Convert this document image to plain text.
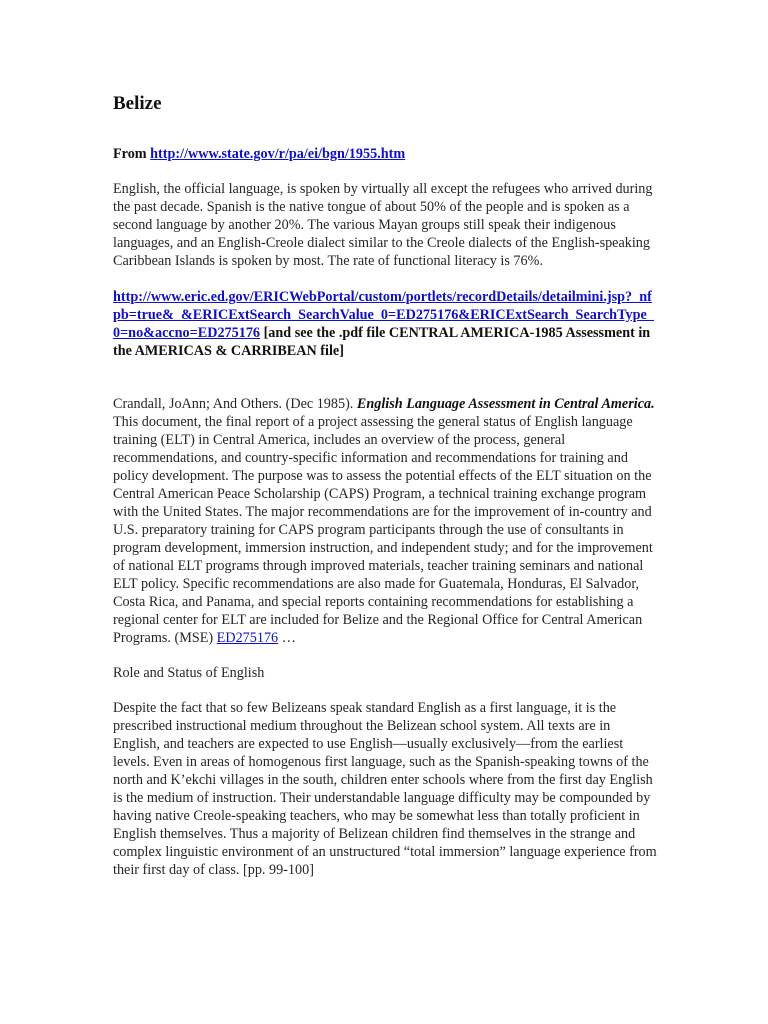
Belize

From http://www.state.gov/r/pa/ei/bgn/1955.htm

English, the official language, is spoken by virtually all except the refugees who arrived during the past decade. Spanish is the native tongue of about 50% of the people and is spoken as a second language by another 20%. The various Mayan groups still speak their indigenous languages, and an English-Creole dialect similar to the Creole dialects of the English-speaking Caribbean Islands is spoken by most. The rate of functional literacy is 76%.

http://www.eric.ed.gov/ERICWebPortal/custom/portlets/recordDetails/detailmini.jsp?_nfpb=true&_&ERICExtSearch_SearchValue_0=ED275176&ERICExtSearch_SearchType_0=no&accno=ED275176 [and see the .pdf file CENTRAL AMERICA-1985 Assessment in the AMERICAS & CARRIBEAN file]

Crandall, JoAnn; And Others. (Dec 1985). English Language Assessment in Central America. This document, the final report of a project assessing the general status of English language training (ELT) in Central America, includes an overview of the process, general recommendations, and country-specific information and recommendations for training and policy development. The purpose was to assess the potential effects of the ELT situation on the Central American Peace Scholarship (CAPS) Program, a technical training exchange program with the United States. The major recommendations are for the improvement of in-country and U.S. preparatory training for CAPS program participants through the use of consultants in program development, immersion instruction, and independent study; and for the improvement of national ELT programs through improved materials, teacher training seminars and national ELT policy. Specific recommendations are also made for Guatemala, Honduras, El Salvador, Costa Rica, and Panama, and special reports containing recommendations for establishing a regional center for ELT are included for Belize and the Regional Office for Central American Programs. (MSE) ED275176 …

Role and Status of English

Despite the fact that so few Belizeans speak standard English as a first language, it is the prescribed instructional medium throughout the Belizean school system. All texts are in English, and teachers are expected to use English—usually exclusively—from the earliest levels. Even in areas of homogenous first language, such as the Spanish-speaking towns of the north and K’ekchi villages in the south, children enter schools where from the first day English is the medium of instruction. Their understandable language difficulty may be compounded by having native Creole-speaking teachers, who may be somewhat less than totally proficient in English themselves. Thus a majority of Belizean children find themselves in the strange and complex linguistic environment of an unstructured “total immersion” language experience from their first day of class. [pp. 99-100]
